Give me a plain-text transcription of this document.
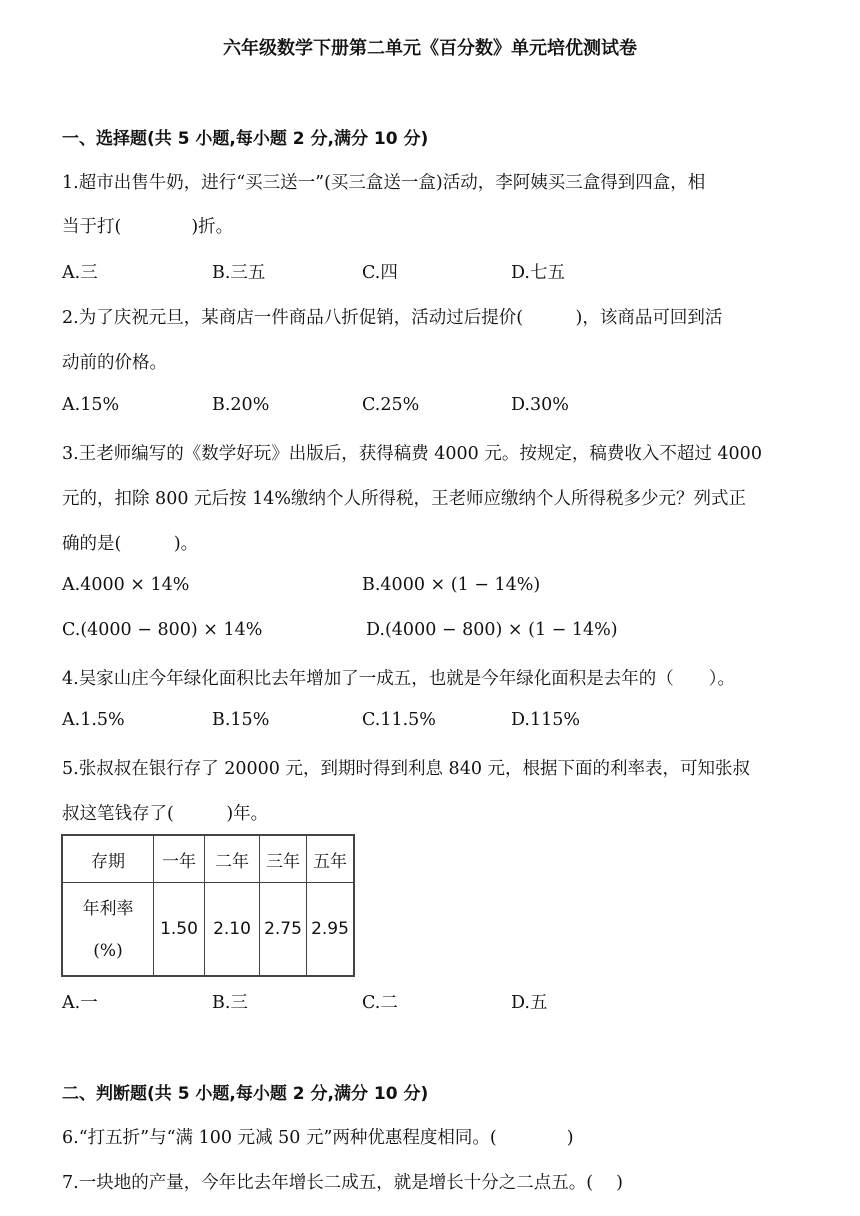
六年级数学下册第二单元《百分数》单元培优测试卷
一、选择题(共 5 小题,每小题 2 分,满分 10 分)
1.超市出售牛奶，进行“买三送一”(买三盒送一盒)活动，李阿姨买三盒得到四盒，相
当于打(　　　　)折。
A.三	B.三五	C.四	D.七五
2.为了庆祝元旦，某商店一件商品八折促销，活动过后提价(　　　)，该商品可回到活
动前的价格。
A.15%	B.20%	C.25%	D.30%
3.王老师编写的《数学好玩》出版后，获得稿费 4000 元。按规定，稿费收入不超过 4000
元的，扣除 800 元后按 14%缴纳个人所得税，王老师应缴纳个人所得税多少元？列式正
确的是(　　　)。
A.4000 × 14%	B.4000 × (1 − 14%)
C.(4000 − 800) × 14%	D.(4000 − 800) × (1 − 14%)
4.吴家山庄今年绿化面积比去年增加了一成五，也就是今年绿化面积是去年的（　　）。
A.1.5%	B.15%	C.11.5%	D.115%
5.张叔叔在银行存了 20000 元，到期时得到利息 840 元，根据下面的利率表，可知张叔
叔这笔钱存了(　　　)年。
存期	一年	二年	三年	五年

年利率
(%)	1.50	2.10	2.75	2.95
A.一	B.三	C.二	D.五
二、判断题(共 5 小题,每小题 2 分,满分 10 分)
6.“打五折”与“满 100 元减 50 元”两种优惠程度相同。(　　　　)
7.一块地的产量，今年比去年增长二成五，就是增长十分之二点五。(　 )
